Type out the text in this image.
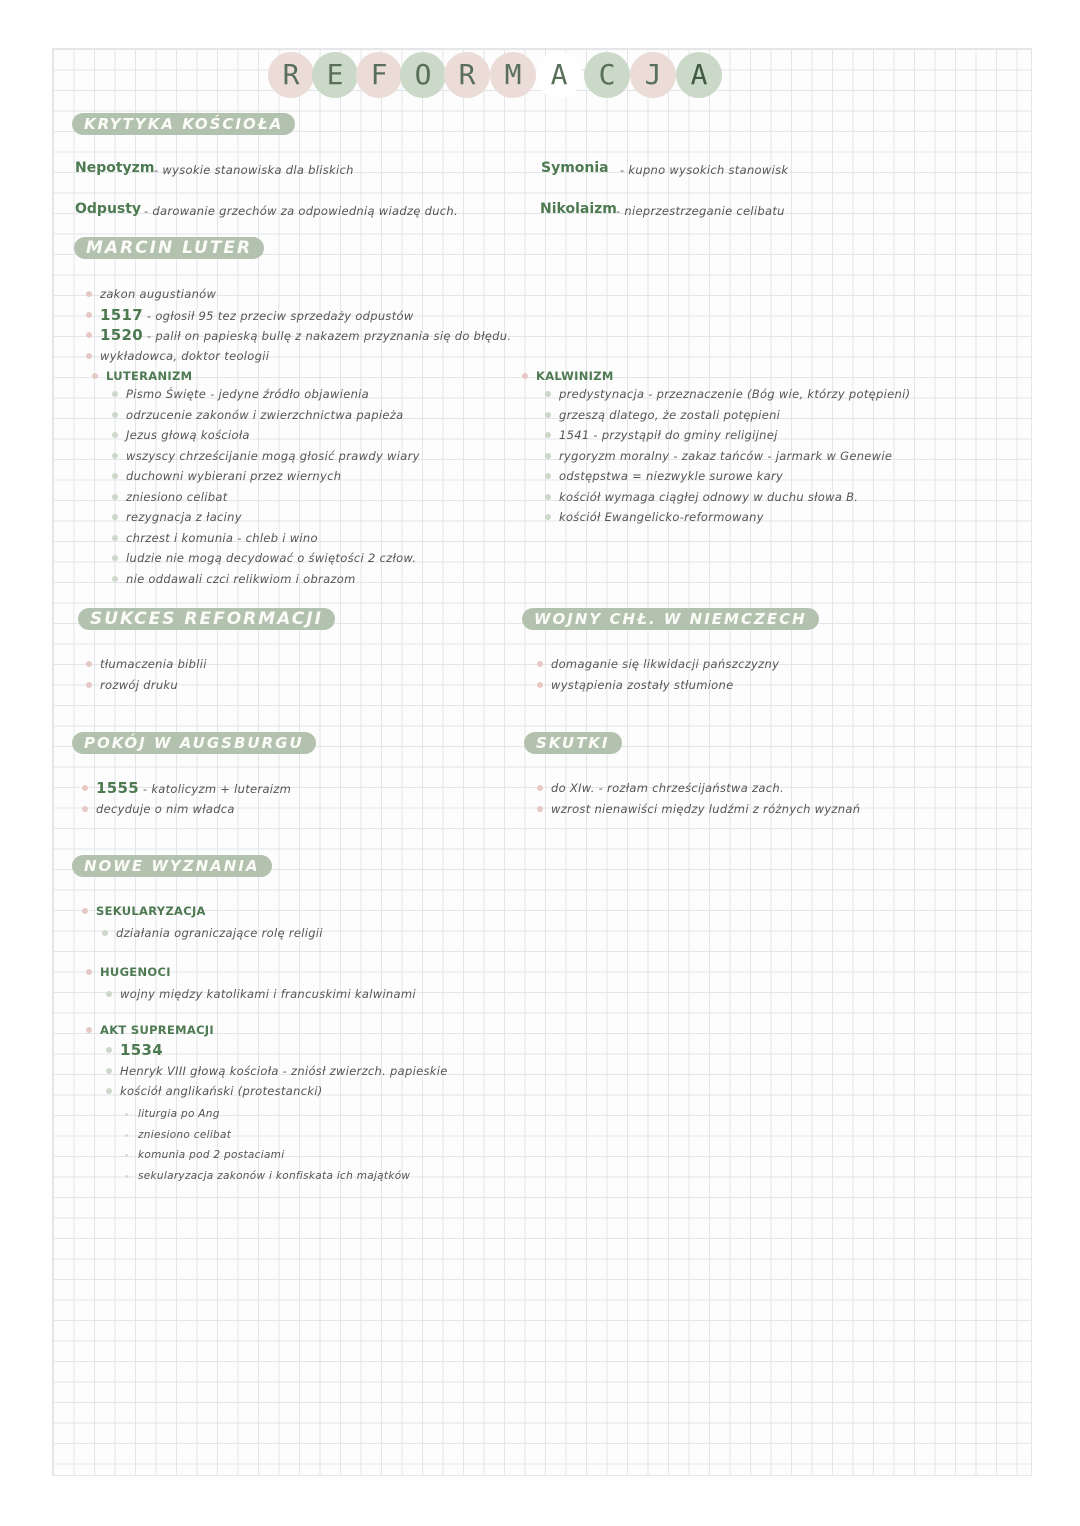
R E F O R M A C J A
KRYTYKA KOŚCIOŁA
Nepotyzm - wysokie stanowiska dla bliskich
Odpusty - darowanie grzechów za odpowiednią wiadzę duch.
Symonia - kupno wysokich stanowisk
Nikolaizm - nieprzestrzeganie celibatu
MARCIN LUTER
zakon augustianów
1517 - ogłosił 95 tez przeciw sprzedaży odpustów
1520 - palił on papieską bullę z nakazem przyznania się do błędu.
wykładowca, doktor teologii
LUTERANIZM
Pismo Święte - jedyne źródło objawienia
odrzucenie zakonów i zwierzchnictwa papieża
Jezus głową kościoła
wszyscy chrześcijanie mogą głosić prawdy wiary
duchowni wybierani przez wiernych
zniesiono celibat
rezygnacja z łaciny
chrzest i komunia - chleb i wino
ludzie nie mogą decydować o świętości 2 człow.
nie oddawali czci relikwiom i obrazom
KALWINIZM
predystynacja - przeznaczenie (Bóg wie, którzy potępieni)
grzeszą dlatego, że zostali potępieni
1541 - przystąpił do gminy religijnej
rygoryzm moralny - zakaz tańców - jarmark w Genewie
odstępstwa = niezwykle surowe kary
kościół wymaga ciągłej odnowy w duchu słowa B.
kościół Ewangelicko-reformowany
SUKCES REFORMACJI
tłumaczenia biblii
rozwój druku
WOJNY CHŁ. W NIEMCZECH
domaganie się likwidacji pańszczyzny
wystąpienia zostały stłumione
POKÓJ W AUGSBURGU
1555 - katolicyzm + luteraizm
decyduje o nim władca
SKUTKI
do XIw. - rozłam chrześcijaństwa zach.
wzrost nienawiści między ludźmi z różnych wyznań
NOWE WYZNANIA
SEKULARYZACJA
działania ograniczające rolę religii
HUGENOCI
wojny między katolikami i francuskimi kalwinami
AKT SUPREMACJI
1534
Henryk VIII głową kościoła - zniósł zwierzch. papieskie
kościół anglikański (protestancki)
liturgia po Ang
zniesiono celibat
komunia pod 2 postaciami
sekularyzacja zakonów i konfiskata ich majątków
